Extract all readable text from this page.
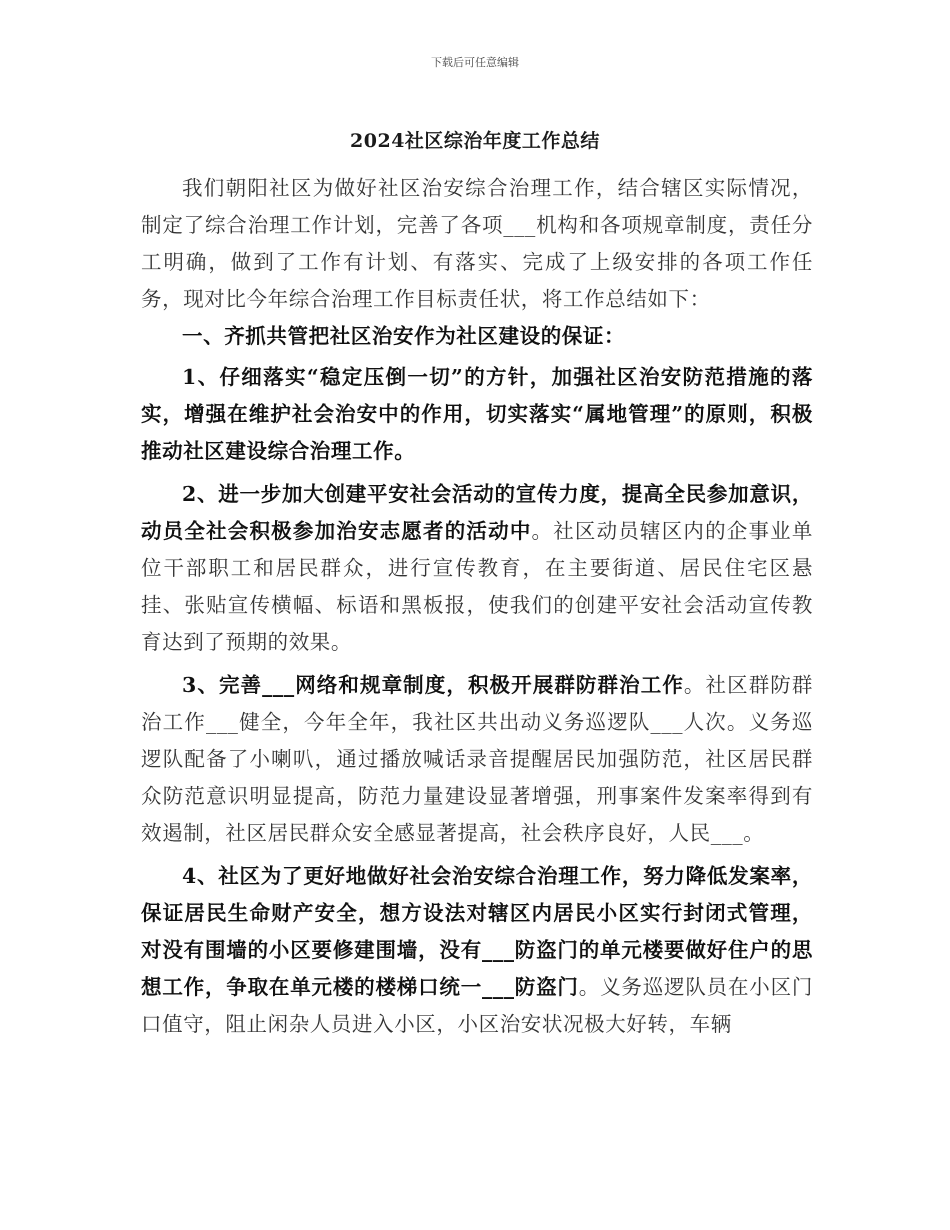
下载后可任意编辑
2024社区综治年度工作总结

我们朝阳社区为做好社区治安综合治理工作，结合辖区实际情况，制定了综合治理工作计划，完善了各项___机构和各项规章制度，责任分工明确，做到了工作有计划、有落实、完成了上级安排的各项工作任务，现对比今年综合治理工作目标责任状，将工作总结如下：

一、齐抓共管把社区治安作为社区建设的保证：

1、仔细落实“稳定压倒一切”的方针，加强社区治安防范措施的落实，增强在维护社会治安中的作用，切实落实“属地管理”的原则，积极推动社区建设综合治理工作。

2、进一步加大创建平安社会活动的宣传力度，提高全民参加意识，动员全社会积极参加治安志愿者的活动中。社区动员辖区内的企事业单位干部职工和居民群众，进行宣传教育，在主要街道、居民住宅区悬挂、张贴宣传横幅、标语和黑板报，使我们的创建平安社会活动宣传教育达到了预期的效果。

3、完善___网络和规章制度，积极开展群防群治工作。社区群防群治工作___健全，今年全年，我社区共出动义务巡逻队___人次。义务巡逻队配备了小喇叭，通过播放喊话录音提醒居民加强防范，社区居民群众防范意识明显提高，防范力量建设显著增强，刑事案件发案率得到有效遏制，社区居民群众安全感显著提高，社会秩序良好，人民___。

4、社区为了更好地做好社会治安综合治理工作，努力降低发案率，保证居民生命财产安全，想方设法对辖区内居民小区实行封闭式管理，对没有围墙的小区要修建围墙，没有___防盗门的单元楼要做好住户的思想工作，争取在单元楼的楼梯口统一___防盗门。义务巡逻队员在小区门口值守，阻止闲杂人员进入小区，小区治安状况极大好转，车辆
